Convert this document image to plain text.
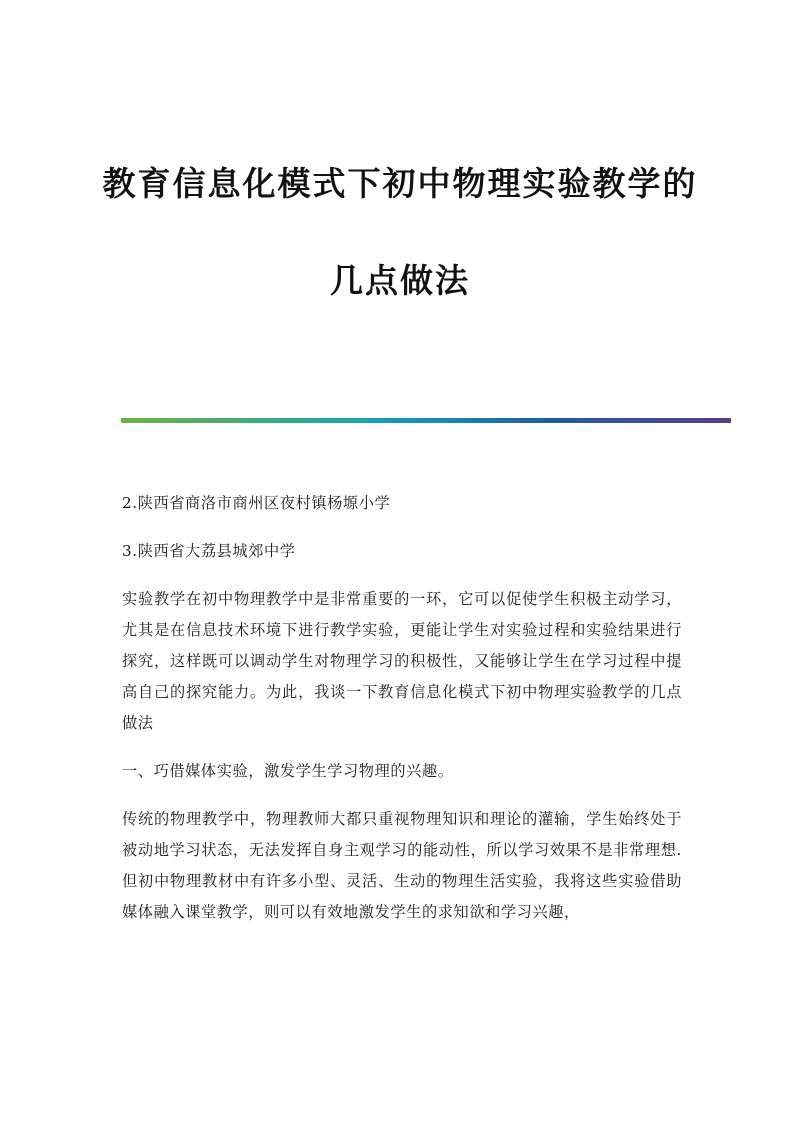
教育信息化模式下初中物理实验教学的
几点做法

2.陕西省商洛市商州区夜村镇杨塬小学

3.陕西省大荔县城郊中学

实验教学在初中物理教学中是非常重要的一环，它可以促使学生积极主动学习，尤其是在信息技术环境下进行教学实验，更能让学生对实验过程和实验结果进行探究，这样既可以调动学生对物理学习的积极性，又能够让学生在学习过程中提高自己的探究能力。为此，我谈一下教育信息化模式下初中物理实验教学的几点做法

一、巧借媒体实验，激发学生学习物理的兴趣。

传统的物理教学中，物理教师大都只重视物理知识和理论的灌输，学生始终处于被动地学习状态，无法发挥自身主观学习的能动性，所以学习效果不是非常理想. 但初中物理教材中有许多小型、灵活、生动的物理生活实验，我将这些实验借助媒体融入课堂教学，则可以有效地激发学生的求知欲和学习兴趣，
